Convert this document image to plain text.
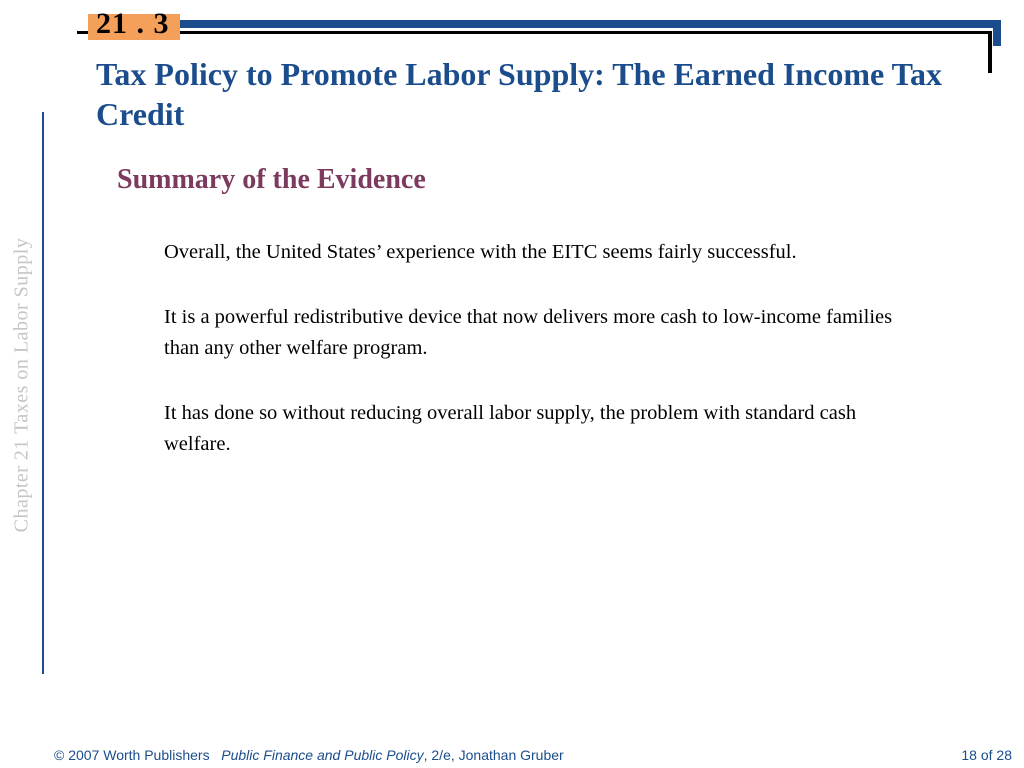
21 . 3
Tax Policy to Promote Labor Supply: The Earned Income Tax Credit
Chapter 21 Taxes on Labor Supply
Summary of the Evidence

Overall, the United States’ experience with the EITC seems fairly successful.

It is a powerful redistributive device that now delivers more cash to low-income families than any other welfare program.

It has done so without reducing overall labor supply, the problem with standard cash welfare.

© 2007 Worth Publishers Public Finance and Public Policy, 2/e, Jonathan Gruber	18 of 28
